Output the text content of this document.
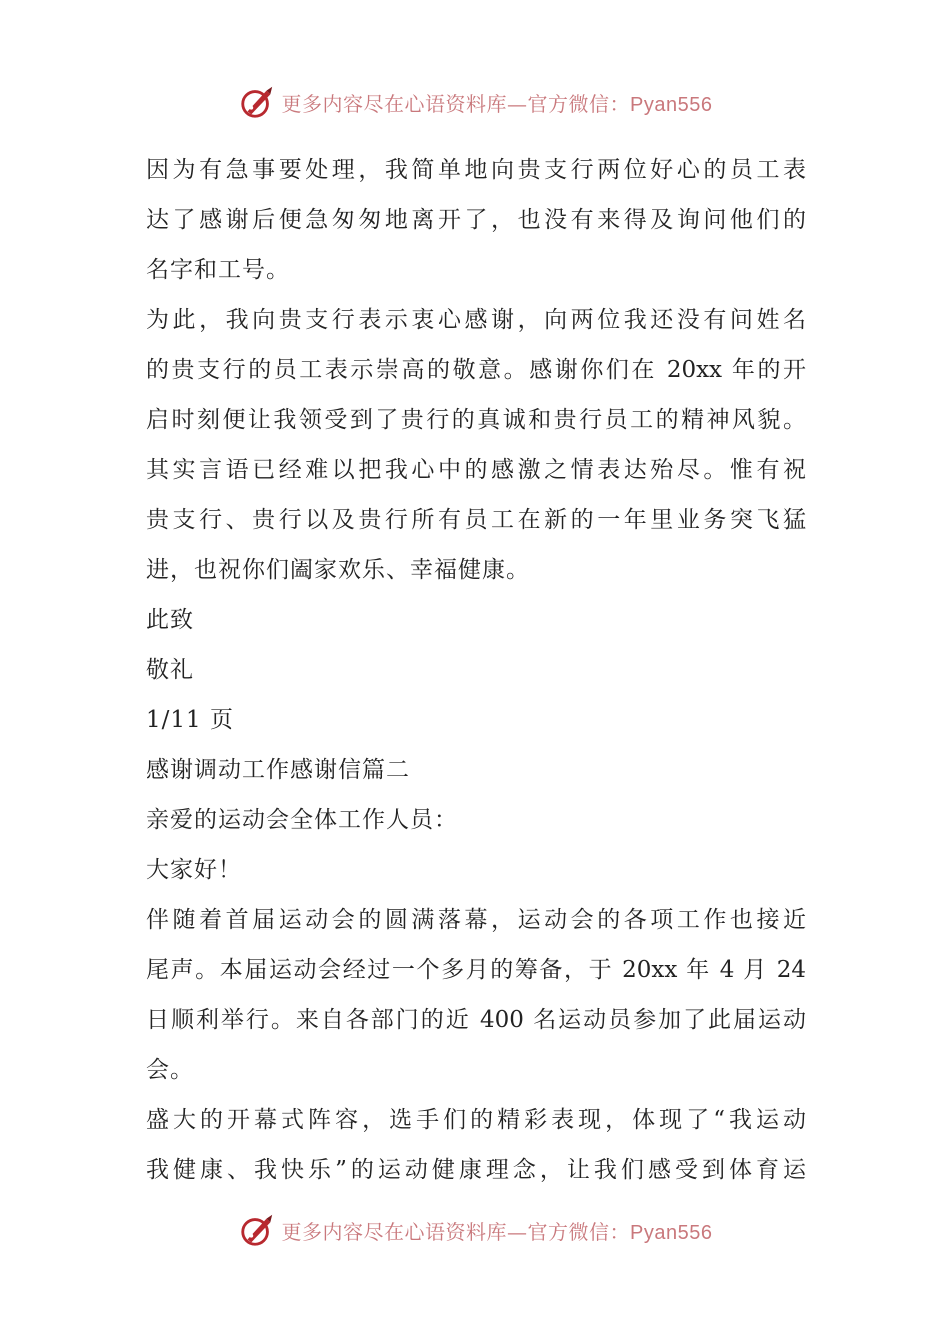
更多内容尽在心语资料库—官方微信：Pyan556
因为有急事要处理，我简单地向贵支行两位好心的员工表
达了感谢后便急匆匆地离开了，也没有来得及询问他们的
名字和工号。
为此，我向贵支行表示衷心感谢，向两位我还没有问姓名
的贵支行的员工表示崇高的敬意。感谢你们在 20xx 年的开
启时刻便让我领受到了贵行的真诚和贵行员工的精神风貌。
其实言语已经难以把我心中的感激之情表达殆尽。惟有祝
贵支行、贵行以及贵行所有员工在新的一年里业务突飞猛
进，也祝你们阖家欢乐、幸福健康。
此致
敬礼
1/11 页
感谢调动工作感谢信篇二
亲爱的运动会全体工作人员：
大家好！
伴随着首届运动会的圆满落幕，运动会的各项工作也接近
尾声。本届运动会经过一个多月的筹备，于 20xx 年 4 月 24
日顺利举行。来自各部门的近 400 名运动员参加了此届运动
会。
盛大的开幕式阵容，选手们的精彩表现，体现了“我运动
我健康、我快乐”的运动健康理念，让我们感受到体育运
更多内容尽在心语资料库—官方微信：Pyan556
